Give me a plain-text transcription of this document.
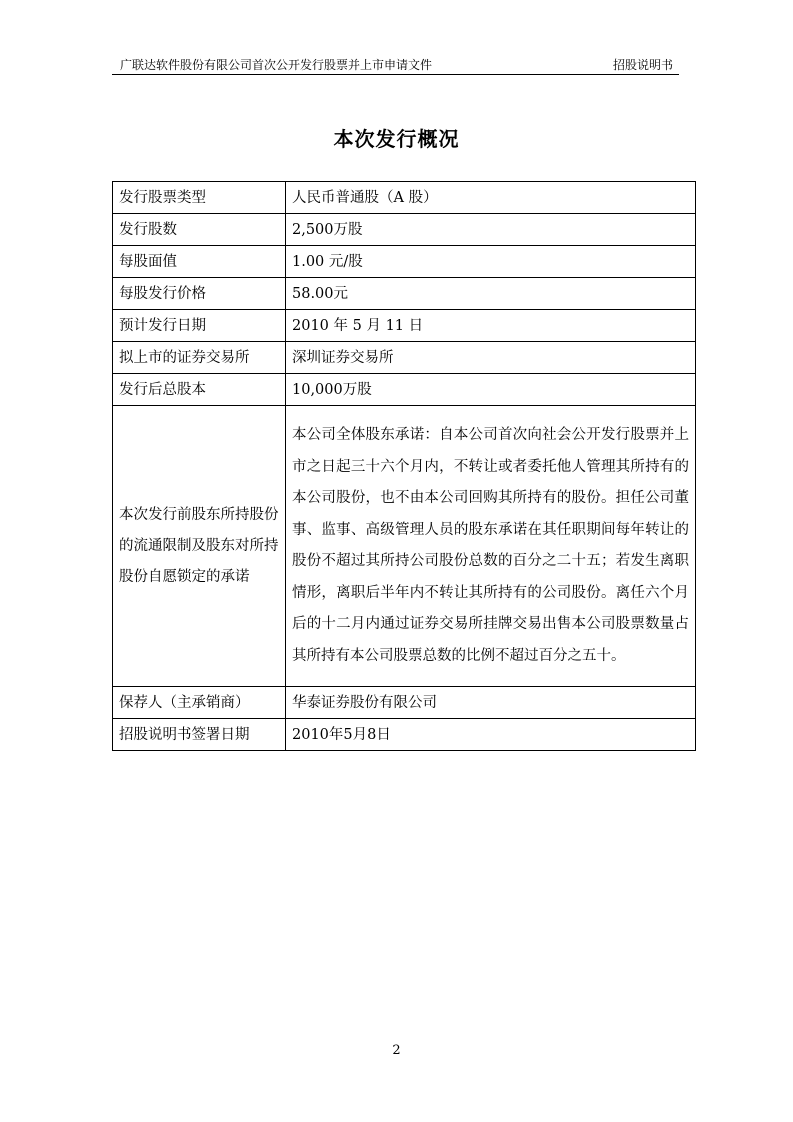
广联达软件股份有限公司首次公开发行股票并上市申请文件	招股说明书
本次发行概况
发行股票类型	人民币普通股（A 股）
发行股数	2,500万股
每股面值	1.00 元/股
每股发行价格	58.00元
预计发行日期	2010 年 5 月 11 日
拟上市的证券交易所	深圳证券交易所
发行后总股本	10,000万股
本次发行前股东所持股份的流通限制及股东对所持股份自愿锁定的承诺	本公司全体股东承诺：自本公司首次向社会公开发行股票并上市之日起三十六个月内，不转让或者委托他人管理其所持有的本公司股份，也不由本公司回购其所持有的股份。担任公司董事、监事、高级管理人员的股东承诺在其任职期间每年转让的股份不超过其所持公司股份总数的百分之二十五；若发生离职情形，离职后半年内不转让其所持有的公司股份。离任六个月后的十二月内通过证券交易所挂牌交易出售本公司股票数量占其所持有本公司股票总数的比例不超过百分之五十。
保荐人（主承销商）	华泰证券股份有限公司
招股说明书签署日期	2010年5月8日
2
